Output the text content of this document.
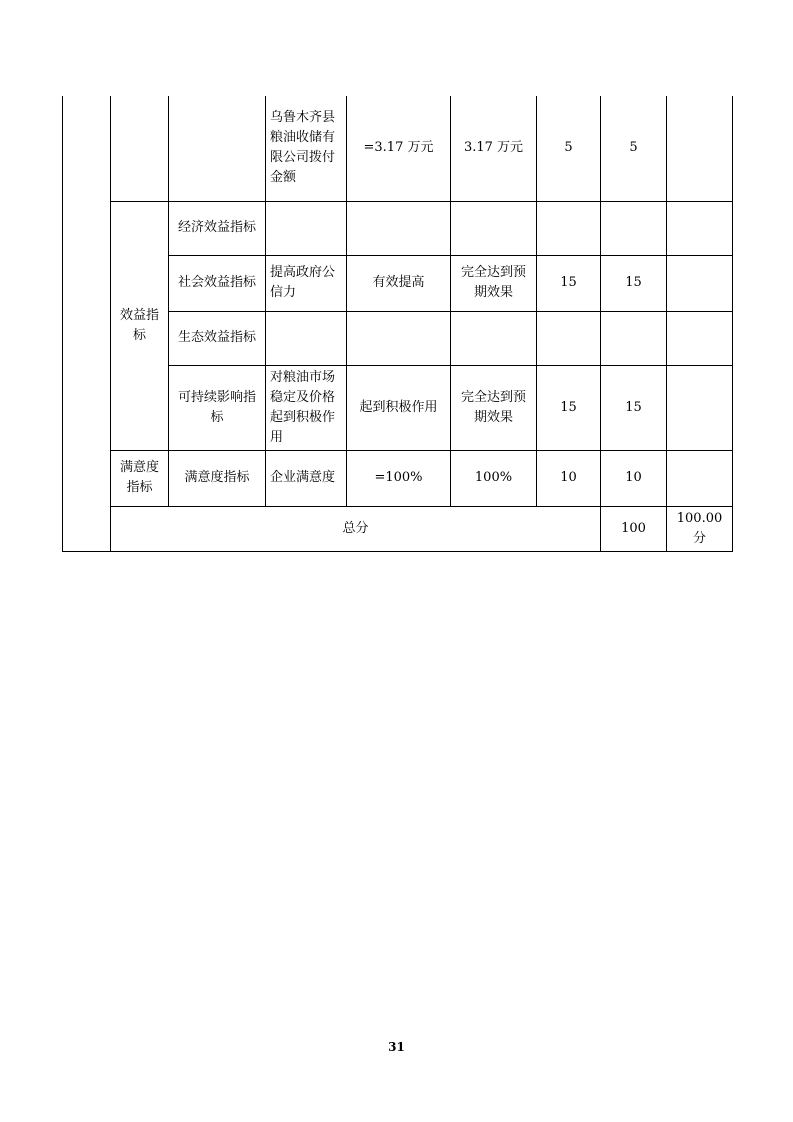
			乌鲁木齐县粮油收储有限公司拨付金额	=3.17 万元	3.17 万元	5	5		
	效益指标	经济效益指标							
		社会效益指标	提高政府公信力	有效提高	完全达到预期效果	15	15		
		生态效益指标							
		可持续影响指标	对粮油市场稳定及价格起到积极作用	起到积极作用	完全达到预期效果	15	15		
	满意度指标	满意度指标	企业满意度	=100%	100%	10	10		
	总分						100	100.00分	
31
